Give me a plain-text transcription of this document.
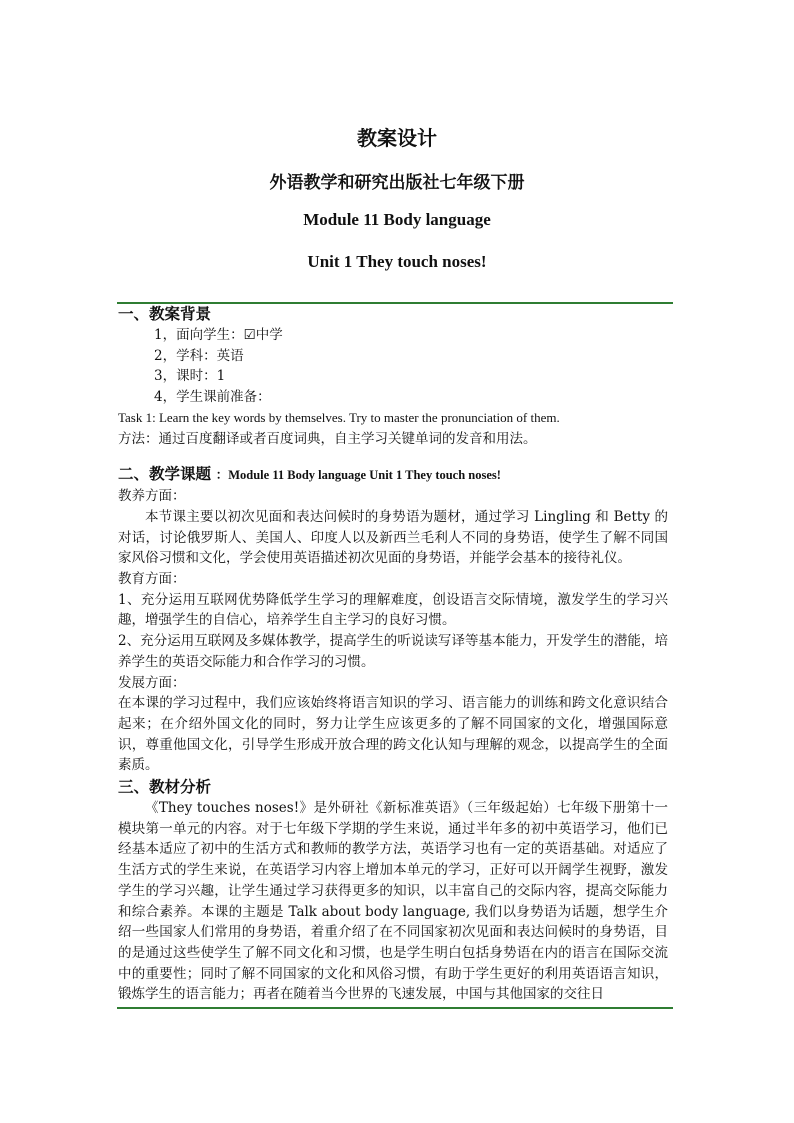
教案设计
外语教学和研究出版社七年级下册
Module 11 Body language
Unit 1 They touch noses!
一、教案背景
1，面向学生：☑中学
2，学科：英语
3，课时：1
4，学生课前准备：
Task 1: Learn the key words by themselves. Try to master the pronunciation of them.
方法：通过百度翻译或者百度词典，自主学习关键单词的发音和用法。
二、教学课题 ：Module 11 Body language Unit 1 They touch noses!
教养方面：
本节课主要以初次见面和表达问候时的身势语为题材，通过学习 Lingling 和 Betty 的对话，讨论俄罗斯人、美国人、印度人以及新西兰毛利人不同的身势语，使学生了解不同国家风俗习惯和文化，学会使用英语描述初次见面的身势语，并能学会基本的接待礼仪。
教育方面：
1、充分运用互联网优势降低学生学习的理解难度，创设语言交际情境，激发学生的学习兴趣，增强学生的自信心，培养学生自主学习的良好习惯。
2、充分运用互联网及多媒体教学，提高学生的听说读写译等基本能力，开发学生的潜能，培养学生的英语交际能力和合作学习的习惯。
发展方面：
在本课的学习过程中，我们应该始终将语言知识的学习、语言能力的训练和跨文化意识结合起来；在介绍外国文化的同时，努力让学生应该更多的了解不同国家的文化，增强国际意识，尊重他国文化，引导学生形成开放合理的跨文化认知与理解的观念，以提高学生的全面素质。
三、教材分析
《They touches noses!》是外研社《新标准英语》（三年级起始）七年级下册第十一模块第一单元的内容。对于七年级下学期的学生来说，通过半年多的初中英语学习，他们已经基本适应了初中的生活方式和教师的教学方法，英语学习也有一定的英语基础。对适应了生活方式的学生来说，在英语学习内容上增加本单元的学习，正好可以开阔学生视野，激发学生的学习兴趣，让学生通过学习获得更多的知识，以丰富自己的交际内容，提高交际能力和综合素养。本课的主题是 Talk about body language, 我们以身势语为话题，想学生介绍一些国家人们常用的身势语，着重介绍了在不同国家初次见面和表达问候时的身势语，目的是通过这些使学生了解不同文化和习惯，也是学生明白包括身势语在内的语言在国际交流中的重要性；同时了解不同国家的文化和风俗习惯，有助于学生更好的利用英语语言知识，锻炼学生的语言能力；再者在随着当今世界的飞速发展，中国与其他国家的交往日
